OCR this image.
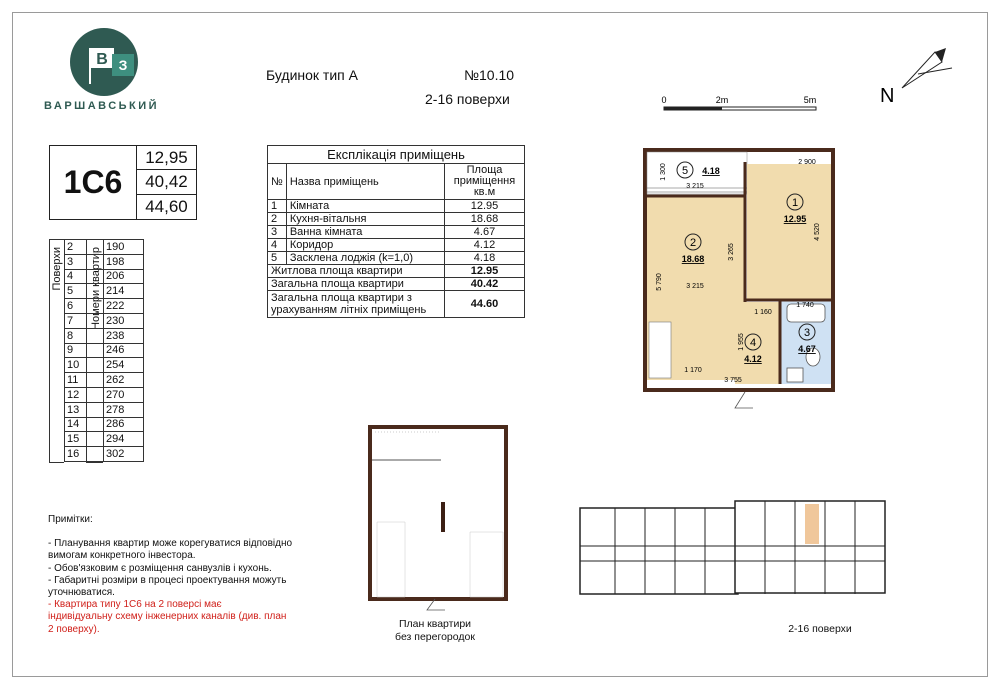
В З
ВАРШАВСЬКИЙ
Будинок тип А	№10.10
2-16 поверхи	0	2m	5m	N
1С6
12,95
40,42
44,60
Поверхи Номери квартир
2		190
3		198
4		206
5		214
6		222
7		230
8		238
9		246
10		254
11		262
12		270
13		278
14		286
15		294
16		302
Експлікація приміщень		
№	Назва приміщень	Площа приміщення кв.м
1	Кімната	12.95
2	Кухня-вітальня	18.68
3	Ванна кімната	4.67
4	Коридор	4.12
5	Засклена лоджія (k=1,0)	4.18
Житлова площа квартири		12.95
Загальна площа квартири		40.42
Загальна площа квартири з урахуванням літніх приміщень		44.60
5 4.18
1
12.95
2
18.68
3
4.67
4
4.12
2 900
1 300
3 215
4 520
3 265
5 790	3 215
1 740
1 160
1 955
1 170
3 755
План квартири
без перегородок
2-16 поверхи
Примітки:
- Планування квартир може корегуватися відповідно вимогам конкретного інвестора.
- Обов'язковим є розміщення санвузлів і кухонь.
- Габаритні розміри в процесі проектування можуть уточнюватися.
- Квартира типу 1С6 на 2 поверсі має індивідуальну схему інженерних каналів (див. план 2 поверху).
